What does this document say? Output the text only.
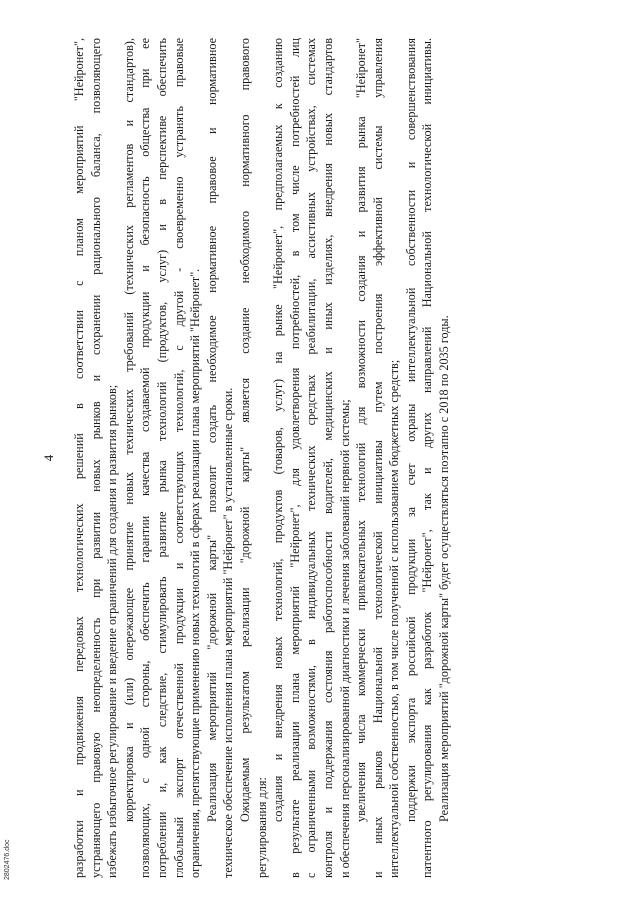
4 разработки и продвижения передовых технологических решений в соответствии с планом мероприятий "Нейронет", устраняющего правовую неопределенность при развитии новых рынков и сохранении рационального баланса, позволяющего избежать избыточное регулирование и введение ограничений для создания и развития рынков; корректировка и (или) опережающее принятие новых технических требований (технических регламентов и стандартов), позволяющих, с одной стороны, обеспечить гарантии качества создаваемой продукции и безопасность общества при ее потреблении и, как следствие, стимулировать развитие рынка технологий (продуктов, услуг) и в перспективе обеспечить глобальный экспорт отечественной продукции и соответствующих технологий, с другой - своевременно устранять правовые ограничения, препятствующие применению новых технологий в сферах реализации плана мероприятий "Нейронет". Реализация мероприятий "дорожной карты" позволит создать необходимое нормативное правовое и нормативное техническое обеспечение исполнения плана мероприятий "Нейронет" в установленные сроки. Ожидаемым результатом реализации "дорожной карты" является создание необходимого нормативного правового
регулирования для:
создания и внедрения новых технологий, продуктов (товаров, услуг) на рынке "Нейронет", предполагаемых к созданию в результате реализации плана мероприятий "Нейронет", для удовлетворения потребностей, в том числе потребностей лиц с ограниченными возможностями, в индивидуальных технических средствах реабилитации, ассистивных устройствах, системах контроля и поддержания состояния работоспособности водителей, медицинских и иных изделиях, внедрения новых стандартов и обеспечения персонализированной диагностики и лечения заболеваний нервной системы; увеличения числа коммерчески привлекательных технологий для возможности создания и развития рынка "Нейронет" и иных рынков Национальной технологической инициативы путем построения эффективной системы управления интеллектуальной собственностью, в том числе полученной с использованием бюджетных средств; поддержки экспорта российской продукции за счет охраны интеллектуальной собственности и совершенствования патентного регулирования как разработок "Нейронет", так и других направлений Национальной технологической инициативы. Реализация мероприятий "дорожной карты" будет осуществляться поэтапно с 2018 по 2035 годы.
2802476.doc
